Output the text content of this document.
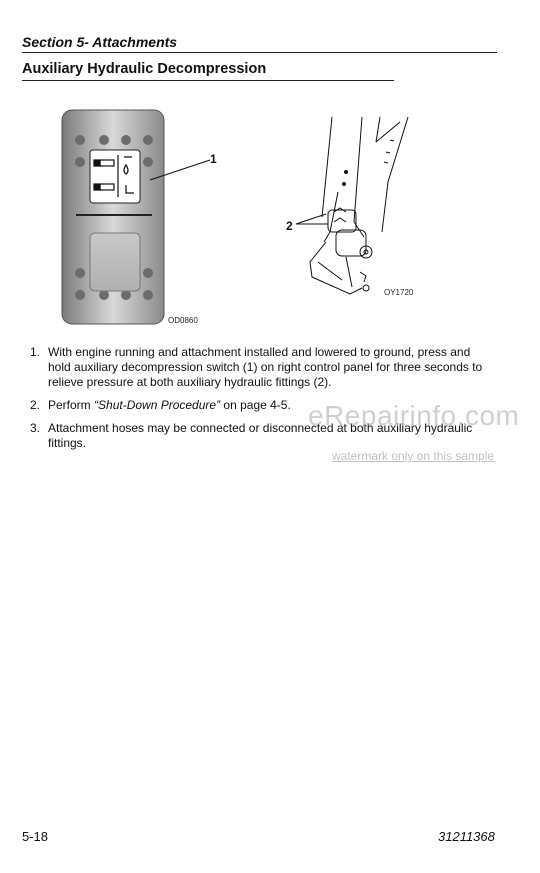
Section 5- Attachments
Auxiliary Hydraulic Decompression
1
OD0860
2
OY1720
1. With engine running and attachment installed and lowered to ground, press and hold auxiliary decompression switch (1) on right control panel for three seconds to relieve pressure at both auxiliary hydraulic fittings (2).
2. Perform “Shut-Down Procedure” on page 4-5.
3. Attachment hoses may be connected or disconnected at both auxiliary hydraulic fittings.
eRepairinfo.com
watermark only on this sample
5-18	31211368
